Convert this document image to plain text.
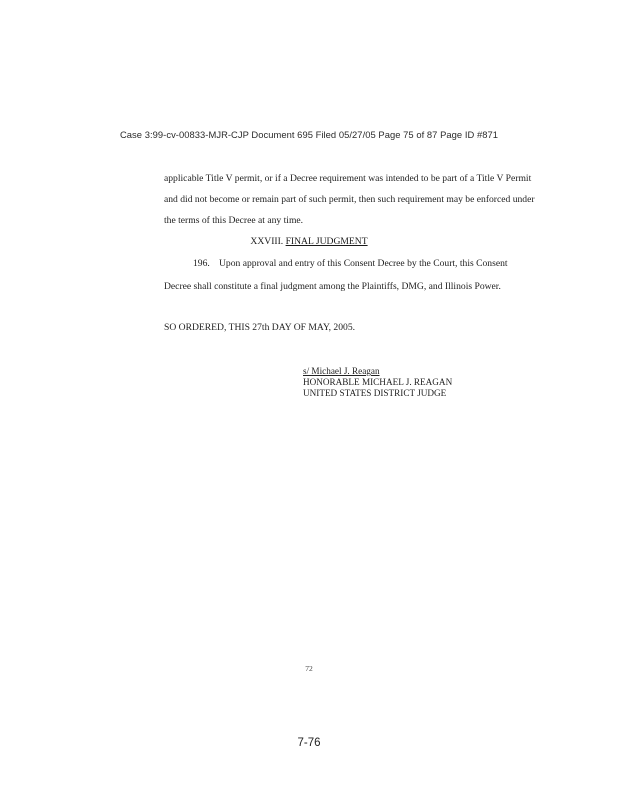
Case 3:99-cv-00833-MJR-CJP Document 695 Filed 05/27/05 Page 75 of 87 Page ID #871
applicable Title V permit, or if a Decree requirement was intended to be part of a Title V Permit
and did not become or remain part of such permit, then such requirement may be enforced under
the terms of this Decree at any time.
XXVIII. FINAL JUDGMENT
196. Upon approval and entry of this Consent Decree by the Court, this Consent
Decree shall constitute a final judgment among the Plaintiffs, DMG, and Illinois Power.
SO ORDERED, THIS 27th DAY OF MAY, 2005.
s/ Michael J. Reagan
HONORABLE MICHAEL J. REAGAN
UNITED STATES DISTRICT JUDGE
72
7-76
